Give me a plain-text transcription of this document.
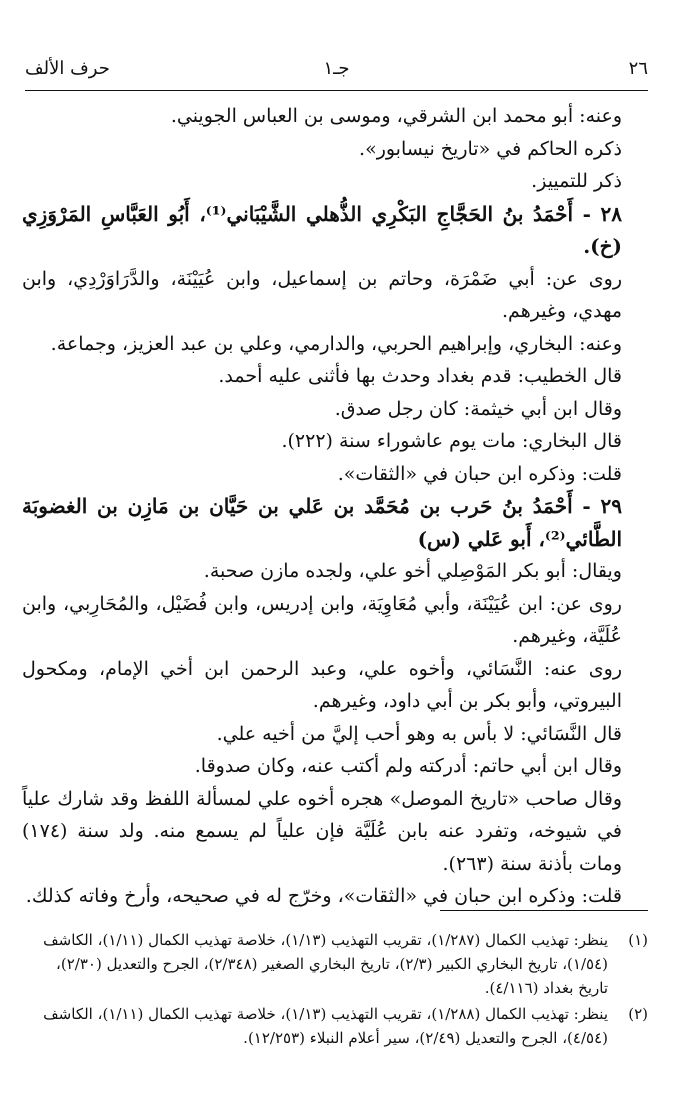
٢٦
جـ١
حرف الألف

وعنه: أبو محمد ابن الشرقي، وموسى بن العباس الجويني.

ذكره الحاكم في «تاريخ نيسابور».

ذكر للتمييز.

٢٨ - أَحْمَدُ بنُ الحَجَّاجِ البَكْرِي الذُّهلي الشَّيْبَاني⁽¹⁾، أَبُو العَبَّاسِ المَرْوَزِي (خ).

روى عن: أبي ضَمْرَة، وحاتم بن إسماعيل، وابن عُيَيْنَة، والدَّرَاوَرْدِي، وابن مهدي، وغيرهم.

وعنه: البخاري، وإبراهيم الحربي، والدارمي، وعلي بن عبد العزيز، وجماعة.

قال الخطيب: قدم بغداد وحدث بها فأثنى عليه أحمد.

وقال ابن أبي خيثمة: كان رجل صدق.

قال البخاري: مات يوم عاشوراء سنة (٢٢٢).

قلت: وذكره ابن حبان في «الثقات».

٢٩ - أَحْمَدُ بنُ حَرب بن مُحَمَّد بن عَلي بن حَيَّان بن مَازِن بن الغضوبَة الطَّائي⁽²⁾، أَبو عَلي (س)

ويقال: أبو بكر المَوْصِلي أخو علي، ولجده مازن صحبة.

روى عن: ابن عُيَيْنَة، وأبي مُعَاوِيَة، وابن إدريس، وابن فُضَيْل، والمُحَارِبي، وابن عُلَيَّة، وغيرهم.

روى عنه: النَّسَائي، وأخوه علي، وعبد الرحمن ابن أخي الإمام، ومكحول البيروتي، وأبو بكر بن أبي داود، وغيرهم.

قال النَّسَائي: لا بأس به وهو أحب إليَّ من أخيه علي.

وقال ابن أبي حاتم: أدركته ولم أكتب عنه، وكان صدوقا.

وقال صاحب «تاريخ الموصل» هجره أخوه علي لمسألة اللفظ وقد شارك علياً في شيوخه، وتفرد عنه بابن عُلَيَّة فإن علياً لم يسمع منه. ولد سنة (١٧٤) ومات بأذنة سنة (٢٦٣).

قلت: وذكره ابن حبان في «الثقات»، وخرّج له في صحيحه، وأرخ وفاته كذلك.

(١)
ينظر: تهذيب الكمال (١/٢٨٧)، تقريب التهذيب (١/١٣)، خلاصة تهذيب الكمال (١/١١)، الكاشف (١/٥٤)، تاريخ البخاري الكبير (٢/٣)، تاريخ البخاري الصغير (٢/٣٤٨)، الجرح والتعديل (٢/٣٠)، تاريخ بغداد (٤/١١٦).
(٢)
ينظر: تهذيب الكمال (١/٢٨٨)، تقريب التهذيب (١/١٣)، خلاصة تهذيب الكمال (١/١١)، الكاشف (٤/٥٤)، الجرح والتعديل (٢/٤٩)، سير أعلام النبلاء (١٢/٢٥٣).
